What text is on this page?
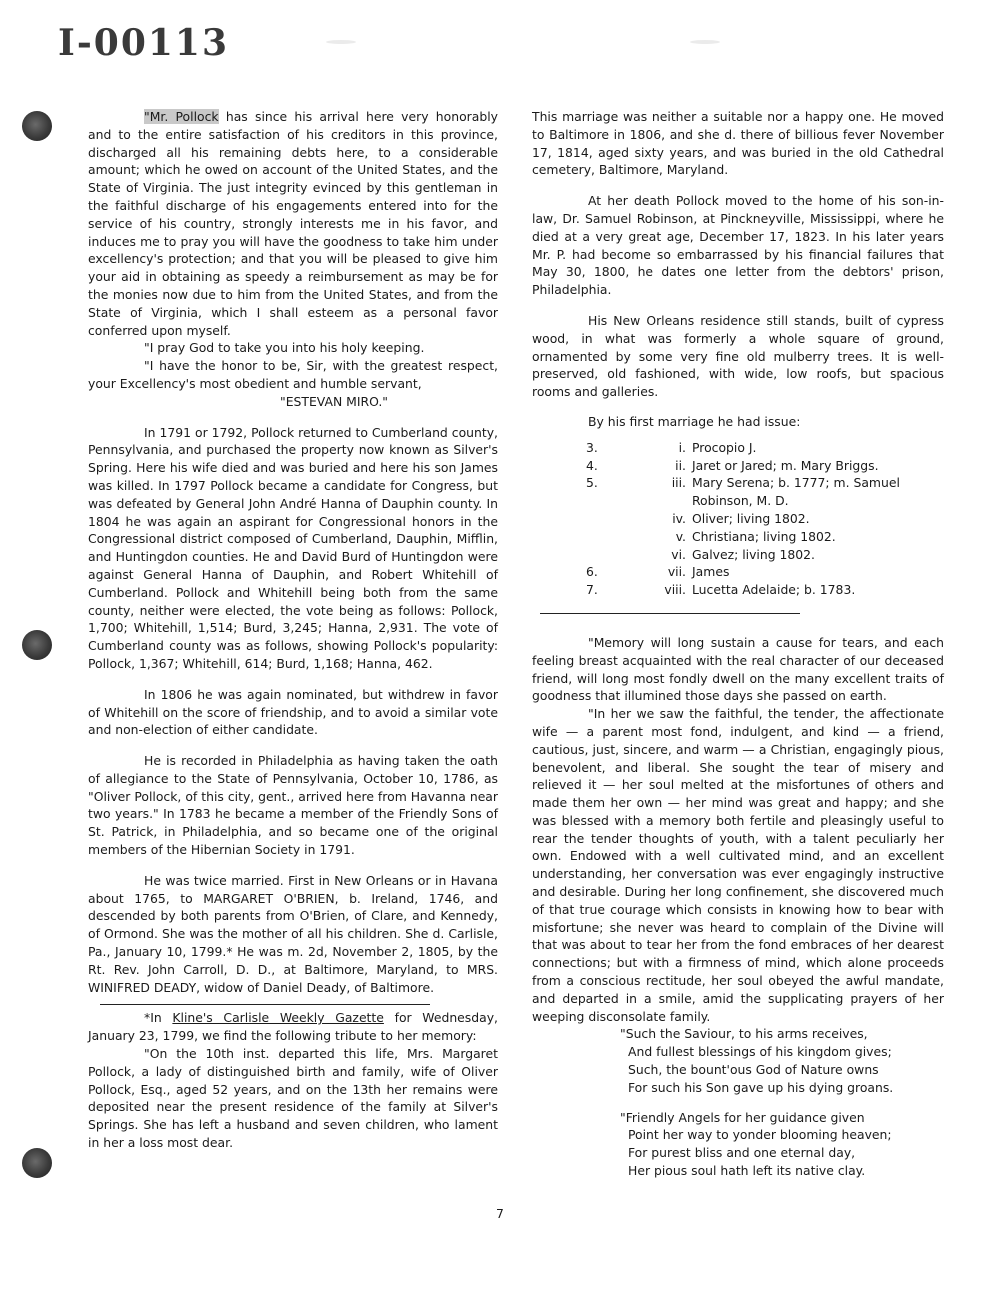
I-00113

"Mr. Pollock has since his arrival here very honorably and to the entire satisfaction of his creditors in this province, discharged all his remaining debts here, to a considerable amount; which he owed on account of the United States, and the State of Virginia. The just integrity evinced by this gentleman in the faithful discharge of his engagements entered into for the service of his country, strongly interests me in his favor, and induces me to pray you will have the goodness to take him under excellency's protection; and that you will be pleased to give him your aid in obtaining as speedy a reimbursement as may be for the monies now due to him from the United States, and from the State of Virginia, which I shall esteem as a personal favor conferred upon myself.

"I pray God to take you into his holy keeping.

"I have the honor to be, Sir, with the greatest respect, your Excellency's most obedient and humble servant,

"ESTEVAN MIRO."

In 1791 or 1792, Pollock returned to Cumberland county, Pennsylvania, and purchased the property now known as Silver's Spring. Here his wife died and was buried and here his son James was killed. In 1797 Pollock became a candidate for Congress, but was defeated by General John André Hanna of Dauphin county. In 1804 he was again an aspirant for Congressional honors in the Congressional district composed of Cumberland, Dauphin, Mifflin, and Huntingdon counties. He and David Burd of Huntingdon were against General Hanna of Dauphin, and Robert Whitehill of Cumberland. Pollock and Whitehill being both from the same county, neither were elected, the vote being as follows: Pollock, 1,700; Whitehill, 1,514; Burd, 3,245; Hanna, 2,931. The vote of Cumberland county was as follows, showing Pollock's popularity: Pollock, 1,367; Whitehill, 614; Burd, 1,168; Hanna, 462.

In 1806 he was again nominated, but withdrew in favor of Whitehill on the score of friendship, and to avoid a similar vote and non-election of either candidate.

He is recorded in Philadelphia as having taken the oath of allegiance to the State of Pennsylvania, October 10, 1786, as "Oliver Pollock, of this city, gent., arrived here from Havanna near two years." In 1783 he became a member of the Friendly Sons of St. Patrick, in Philadelphia, and so became one of the original members of the Hibernian Society in 1791.

He was twice married. First in New Orleans or in Havana about 1765, to MARGARET O'BRIEN, b. Ireland, 1746, and descended by both parents from O'Brien, of Clare, and Kennedy, of Ormond. She was the mother of all his children. She d. Carlisle, Pa., January 10, 1799.* He was m. 2d, November 2, 1805, by the Rt. Rev. John Carroll, D. D., at Baltimore, Maryland, to MRS. WINIFRED DEADY, widow of Daniel Deady, of Baltimore.

*In Kline's Carlisle Weekly Gazette for Wednesday, January 23, 1799, we find the following tribute to her memory:

"On the 10th inst. departed this life, Mrs. Margaret Pollock, a lady of distinguished birth and family, wife of Oliver Pollock, Esq., aged 52 years, and on the 13th her remains were deposited near the present residence of the family at Silver's Springs. She has left a husband and seven children, who lament in her a loss most dear.

This marriage was neither a suitable nor a happy one. He moved to Baltimore in 1806, and she d. there of billious fever November 17, 1814, aged sixty years, and was buried in the old Cathedral cemetery, Baltimore, Maryland.

At her death Pollock moved to the home of his son-in-law, Dr. Samuel Robinson, at Pinckneyville, Mississippi, where he died at a very great age, December 17, 1823. In his later years Mr. P. had become so embarrassed by his financial failures that May 30, 1800, he dates one letter from the debtors' prison, Philadelphia.

His New Orleans residence still stands, built of cypress wood, in what was formerly a whole square of ground, ornamented by some very fine old mulberry trees. It is well-preserved, old fashioned, with wide, low roofs, but spacious rooms and galleries.

By his first marriage he had issue:

3.	i. Procopio J.
4.	ii. Jaret or Jared; m. Mary Briggs.
5.	iii. Mary Serena; b. 1777; m. Samuel
Robinson, M. D.
iv. Oliver; living 1802.
v. Christiana; living 1802.
vi. Galvez; living 1802.
6.	vii. James
7.	viii. Lucetta Adelaide; b. 1783.

"Memory will long sustain a cause for tears, and each feeling breast acquainted with the real character of our deceased friend, will long most fondly dwell on the many excellent traits of goodness that illumined those days she passed on earth.

"In her we saw the faithful, the tender, the affectionate wife — a parent most fond, indulgent, and kind — a friend, cautious, just, sincere, and warm — a Christian, engagingly pious, benevolent, and liberal. She sought the tear of misery and relieved it — her soul melted at the misfortunes of others and made them her own — her mind was great and happy; and she was blessed with a memory both fertile and pleasingly useful to rear the tender thoughts of youth, with a talent peculiarly her own. Endowed with a well cultivated mind, and an excellent understanding, her conversation was ever engagingly instructive and desirable. During her long confinement, she discovered much of that true courage which consists in knowing how to bear with misfortune; she never was heard to complain of the Divine will that was about to tear her from the fond embraces of her dearest connections; but with a firmness of mind, which alone proceeds from a conscious rectitude, her soul obeyed the awful mandate, and departed in a smile, amid the supplicating prayers of her weeping disconsolate family.

"Such the Saviour, to his arms receives,

And fullest blessings of his kingdom gives;

Such, the bount'ous God of Nature owns

For such his Son gave up his dying groans.

"Friendly Angels for her guidance given

Point her way to yonder blooming heaven;

For purest bliss and one eternal day,

Her pious soul hath left its native clay.

7
